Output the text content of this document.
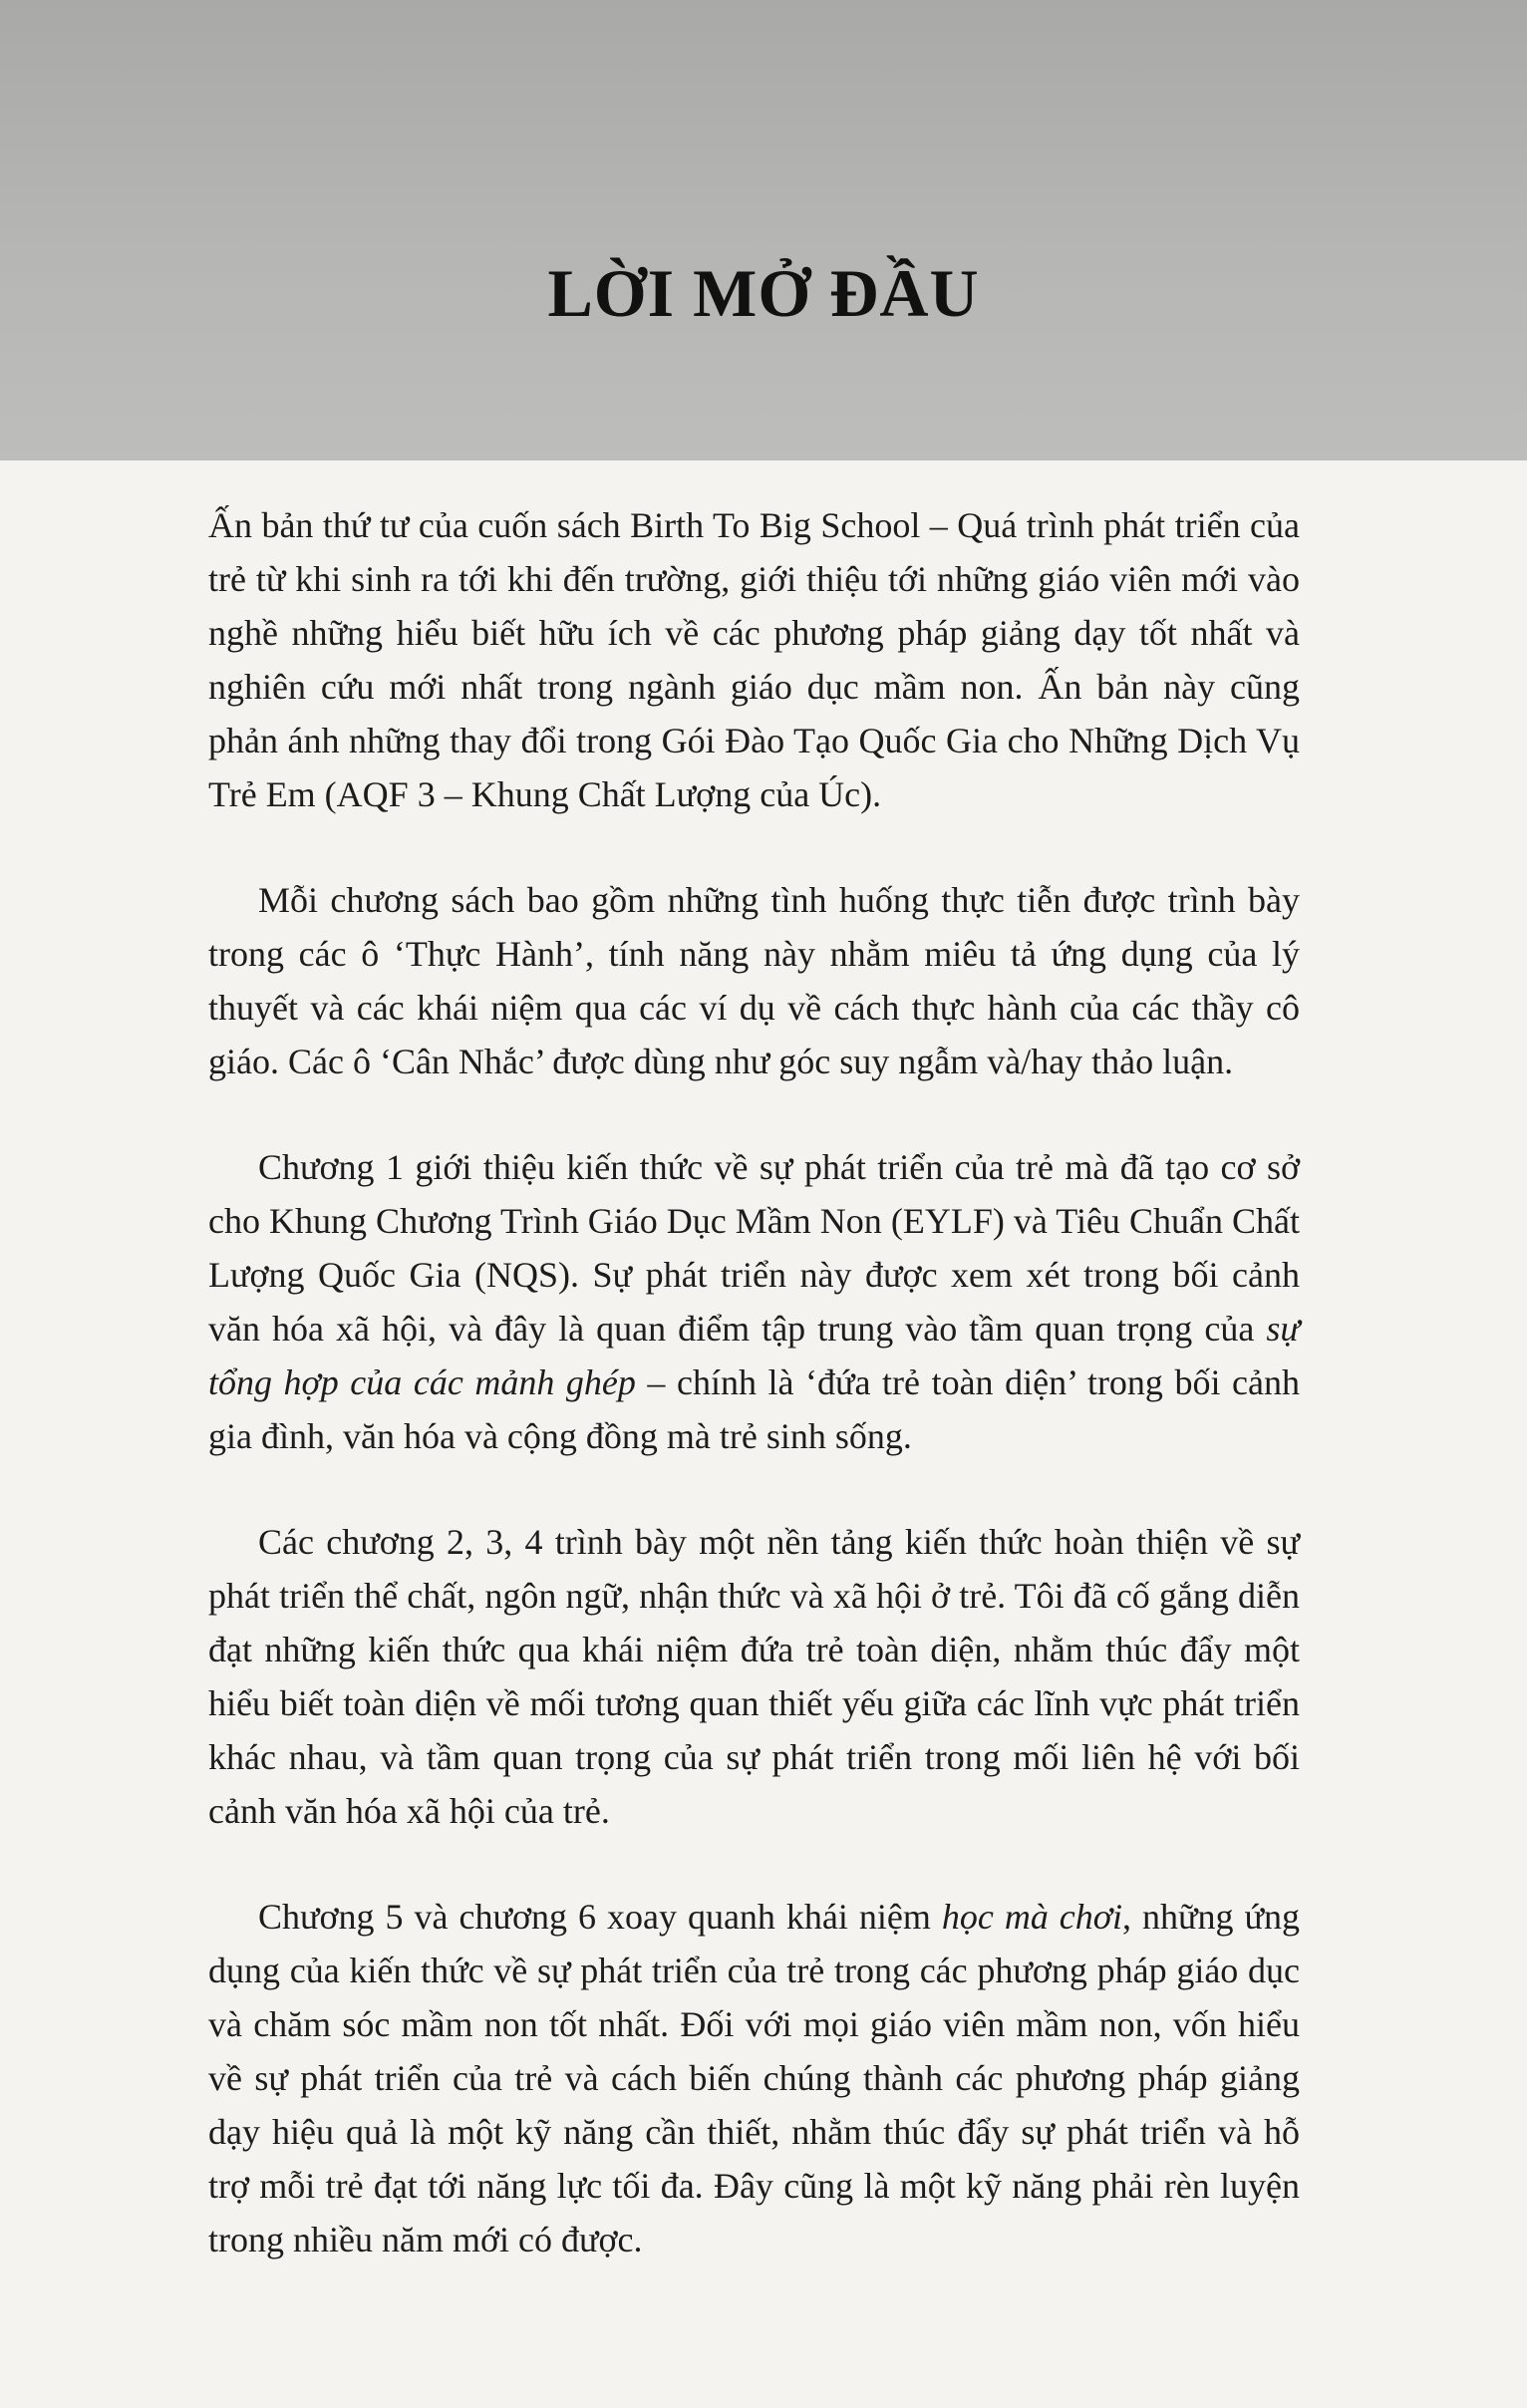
LỜI MỞ ĐẦU

Ấn bản thứ tư của cuốn sách Birth To Big School – Quá trình phát triển của trẻ từ khi sinh ra tới khi đến trường, giới thiệu tới những giáo viên mới vào nghề những hiểu biết hữu ích về các phương pháp giảng dạy tốt nhất và nghiên cứu mới nhất trong ngành giáo dục mầm non. Ấn bản này cũng phản ánh những thay đổi trong Gói Đào Tạo Quốc Gia cho Những Dịch Vụ Trẻ Em (AQF 3 – Khung Chất Lượng của Úc).

Mỗi chương sách bao gồm những tình huống thực tiễn được trình bày trong các ô ‘Thực Hành’, tính năng này nhằm miêu tả ứng dụng của lý thuyết và các khái niệm qua các ví dụ về cách thực hành của các thầy cô giáo. Các ô ‘Cân Nhắc’ được dùng như góc suy ngẫm và/hay thảo luận.

Chương 1 giới thiệu kiến thức về sự phát triển của trẻ mà đã tạo cơ sở cho Khung Chương Trình Giáo Dục Mầm Non (EYLF) và Tiêu Chuẩn Chất Lượng Quốc Gia (NQS). Sự phát triển này được xem xét trong bối cảnh văn hóa xã hội, và đây là quan điểm tập trung vào tầm quan trọng của sự tổng hợp của các mảnh ghép – chính là ‘đứa trẻ toàn diện’ trong bối cảnh gia đình, văn hóa và cộng đồng mà trẻ sinh sống.

Các chương 2, 3, 4 trình bày một nền tảng kiến thức hoàn thiện về sự phát triển thể chất, ngôn ngữ, nhận thức và xã hội ở trẻ. Tôi đã cố gắng diễn đạt những kiến thức qua khái niệm đứa trẻ toàn diện, nhằm thúc đẩy một hiểu biết toàn diện về mối tương quan thiết yếu giữa các lĩnh vực phát triển khác nhau, và tầm quan trọng của sự phát triển trong mối liên hệ với bối cảnh văn hóa xã hội của trẻ.

Chương 5 và chương 6 xoay quanh khái niệm học mà chơi, những ứng dụng của kiến thức về sự phát triển của trẻ trong các phương pháp giáo dục và chăm sóc mầm non tốt nhất. Đối với mọi giáo viên mầm non, vốn hiểu về sự phát triển của trẻ và cách biến chúng thành các phương pháp giảng dạy hiệu quả là một kỹ năng cần thiết, nhằm thúc đẩy sự phát triển và hỗ trợ mỗi trẻ đạt tới năng lực tối đa. Đây cũng là một kỹ năng phải rèn luyện trong nhiều năm mới có được.
